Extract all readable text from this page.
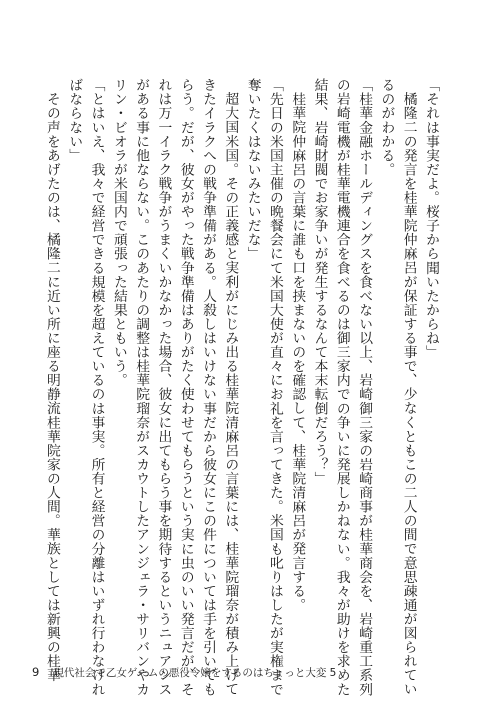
「それは事実だよ。桜子から聞いたからね」

橘隆二の発言を桂華院仲麻呂が保証する事で、少なくともこの二人の間で意思疎通が図られてい

るのがわかる。

「桂華金融ホールディングスを食べない以上、岩崎御三家の岩崎商事が桂華商会を、岩崎重工系列

の岩崎電機が桂華電機連合を食べるのは御三家内での争いに発展しかねない。我々が助けを求めた

結果、岩崎財閥でお家争いが発生するなんて本末転倒だろう？」

桂華院仲麻呂の言葉に誰も口を挟まないのを確認して、桂華院清麻呂が発言する。

「先日の米国主催の晩餐会にて米国大使が直々にお礼を言ってきた。米国も叱りはしたが実権まで

奪いたくはないみたいだな」

超大国米国。その正義感と実利がにじみ出る桂華院清麻呂の言葉には、桂華院瑠奈が積み上げて

きたイラクへの戦争準備がある。人殺しはいけない事だから彼女にこの件については手を引いても

らう。だが、彼女がやった戦争準備はありがたく使わせてもらうという実に虫のいい発言だが、そ

れは万一イラク戦争がうまくいかなかった場合、彼女に出てもらう事を期待するというニュアンス

がある事に他ならない。このあたりの調整は桂華院瑠奈がスカウトしたアンジェラ・サリバンやカ

リン・ビオラが米国内で頑張った結果ともいう。

「とはいえ、我々で経営できる規模を超えているのは事実。所有と経営の分離はいずれ行わなけれ

ばならない」

その声をあげたのは、橘隆二に近い所に座る明静流桂華院家の人間。華族としては新興の桂華

9 現代社会で乙女ゲームの悪役令嬢をするのはちょっと大変 5
